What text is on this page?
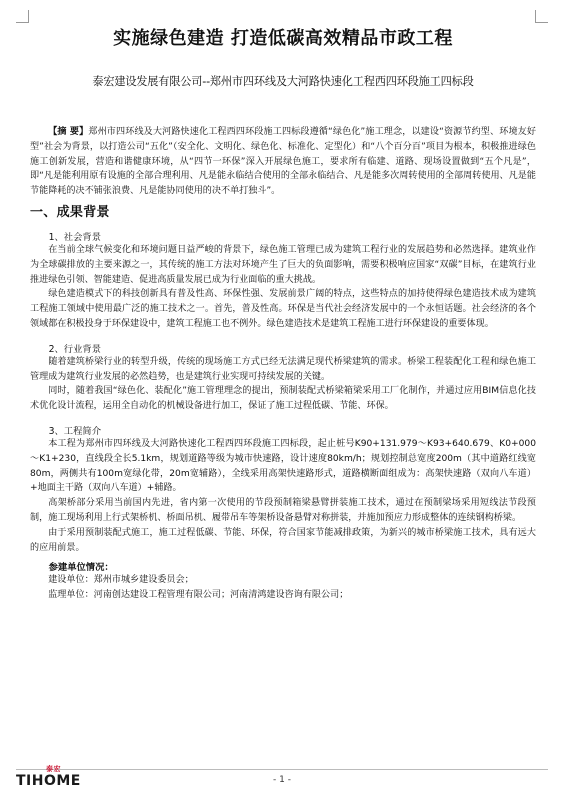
实施绿色建造 打造低碳高效精品市政工程
泰宏建设发展有限公司--郑州市四环线及大河路快速化工程西四环段施工四标段
【摘 要】郑州市四环线及大河路快速化工程西四环段施工四标段遵循“绿色化”施工理念，以建设“资源节约型、环境友好型”社会为背景，以打造公司“五化”（安全化、文明化、绿色化、标准化、定型化）和“八个百分百”项目为根本，积极推进绿色施工创新发展，营造和谐健康环境，从“四节一环保”深入开展绿色施工，要求所有临建、道路、现场设置做到“五个凡是”，即“凡是能利用原有设施的全部合理利用、凡是能永临结合使用的全部永临结合、凡是能多次周转使用的全部周转使用、凡是能节能降耗的决不铺张浪费、凡是能协同使用的决不单打独斗”。
一、成果背景
1、社会背景

在当前全球气候变化和环境问题日益严峻的背景下，绿色施工管理已成为建筑工程行业的发展趋势和必然选择。建筑业作为全球碳排放的主要来源之一，其传统的施工方法对环境产生了巨大的负面影响，需要积极响应国家“双碳”目标，在建筑行业推进绿色引领、智能建造、促进高质量发展已成为行业面临的重大挑战。

绿色建造模式下的科技创新具有普及性高、环保性强、发展前景广阔的特点，这些特点的加持使得绿色建造技术成为建筑工程施工领域中使用最广泛的施工技术之一。首先，普及性高。环保是当代社会经济发展中的一个永恒话题。社会经济的各个领域都在积极投身于环保建设中，建筑工程施工也不例外。绿色建造技术是建筑工程施工进行环保建设的重要体现。

2、行业背景

随着建筑桥梁行业的转型升级，传统的现场施工方式已经无法满足现代桥梁建筑的需求。桥梁工程装配化工程和绿色施工管理成为建筑行业发展的必然趋势，也是建筑行业实现可持续发展的关键。

同时，随着我国“绿色化、装配化”施工管理理念的提出，预制装配式桥梁箱梁采用工厂化制作，并通过应用BIM信息化技术优化设计流程，运用全自动化的机械设备进行加工，保证了施工过程低碳、节能、环保。

3、工程简介

本工程为郑州市四环线及大河路快速化工程西四环段施工四标段，起止桩号K90+131.979～K93+640.679、K0+000～K1+230，直线段全长5.1km，规划道路等级为城市快速路，设计速度80km/h；规划控制总宽度200m（其中道路红线宽80m，两侧共有100m宽绿化带，20m宽辅路），全线采用高架快速路形式，道路横断面组成为：高架快速路（双向八车道）+地面主干路（双向八车道）+辅路。

高架桥部分采用当前国内先进，省内第一次使用的节段预制箱梁悬臂拼装施工技术，通过在预制梁场采用短线法节段预制，施工现场利用上行式架桥机、桥面吊机、履带吊车等架桥设备悬臂对称拼装，并施加预应力形成整体的连续钢构桥梁。

由于采用预制装配式施工，施工过程低碳、节能、环保，符合国家节能减排政策，为新兴的城市桥梁施工技术，具有远大的应用前景。

参建单位情况：
建设单位：郑州市城乡建设委员会；
监理单位：河南创达建设工程管理有限公司；河南清鸿建设咨询有限公司；
TIHOME
泰宏
- 1 -
